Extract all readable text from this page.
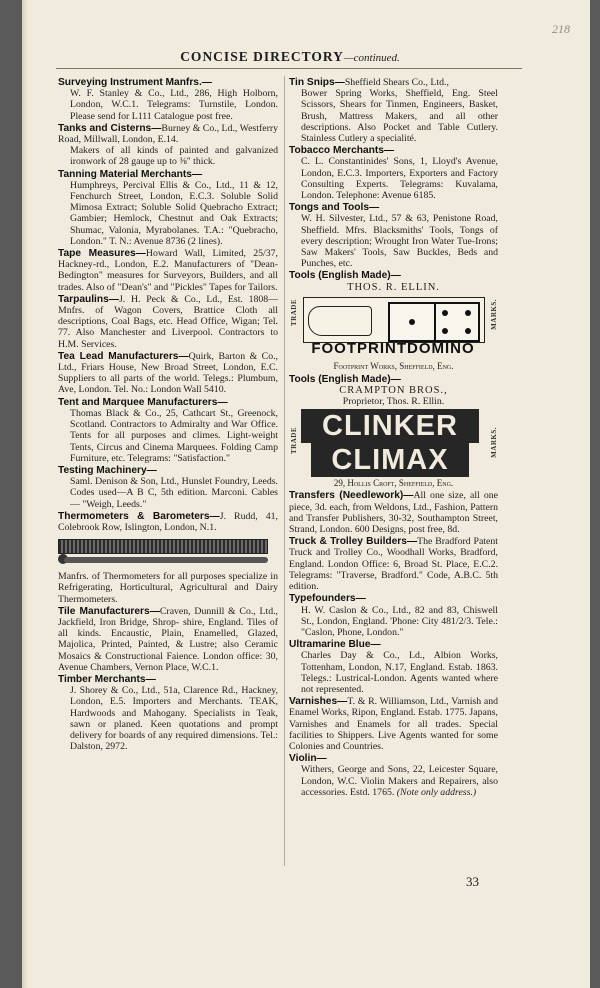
218
CONCISE DIRECTORY—continued.
Surveying Instrument Manfrs.—
W. F. Stanley & Co., Ltd., 286, High Holborn, London, W.C.1. Telegrams: Turnstile, London. Please send for L111 Catalogue post free.
Tanks and Cisterns—Burney & Co., Ld., Westferry Road, Millwall, London, E.14.
Makers of all kinds of painted and galvanized ironwork of 28 gauge up to ⅜" thick.
Tanning Material Merchants—
Humphreys, Percival Ellis & Co., Ltd., 11 & 12, Fenchurch Street, London, E.C.3. Soluble Solid Mimosa Extract; Soluble Solid Quebracho Extract; Gambier; Hemlock, Chestnut and Oak Extracts; Shumac, Valonia, Myrabolanes. T.A.: "Quebracho, London." T. N.: Avenue 8736 (2 lines).
Tape Measures—Howard Wall, Limited, 25/37, Hackney-rd., London, E.2. Manufacturers of "Dean-Bedington" measures for Surveyors, Builders, and all trades. Also of "Dean's" and "Pickles" Tapes for Tailors.
Tarpaulins—J. H. Peck & Co., Ld., Est. 1808—Mnfrs. of Wagon Covers, Brattice Cloth all descriptions, Coal Bags, etc. Head Office, Wigan; Tel. 77. Also Manchester and Liverpool. Contractors to H.M. Services.
Tea Lead Manufacturers—Quirk, Barton & Co., Ltd., Friars House, New Broad Street, London, E.C. Suppliers to all parts of the world. Telegs.: Plumbum, Ave, London. Tel. No.: London Wall 5410.
Tent and Marquee Manufacturers—
Thomas Black & Co., 25, Cathcart St., Greenock, Scotland. Contractors to Admiralty and War Office. Tents for all purposes and climes. Light-weight Tents, Circus and Cinema Marquees. Folding Camp Furniture, etc. Telegrams: "Satisfaction."
Testing Machinery—
Saml. Denison & Son, Ltd., Hunslet Foundry, Leeds. Codes used—A B C, 5th edition. Marconi. Cables — "Weigh, Leeds."
Thermometers & Barometers—J. Rudd, 41, Colebrook Row, Islington, London, N.1.
Manfrs. of Thermometers for all purposes specialize in Refrigerating, Horticultural, Agricultural and Dairy Thermometers.
Tile Manufacturers—Craven, Dunnill & Co., Ltd., Jackfield, Iron Bridge, Shrop- shire, England. Tiles of all kinds. Encaustic, Plain, Enamelled, Glazed, Majolica, Printed, Painted, & Lustre; also Ceramic Mosaics & Constructional Faience. London office: 30, Avenue Chambers, Vernon Place, W.C.1.
Timber Merchants—
J. Shorey & Co., Ltd., 51a, Clarence Rd., Hackney, London, E.5. Importers and Merchants. TEAK, Hardwoods and Mahogany. Specialists in Teak, sawn or planed. Keen quotations and prompt delivery for boards of any required dimensions. Tel.: Dalston, 2972.
Tin Snips—Sheffield Shears Co., Ltd.,
Bower Spring Works, Sheffield, Eng. Steel Scissors, Shears for Tinmen, Engineers, Basket, Brush, Mattress Makers, and all other descriptions. Also Pocket and Table Cutlery. Stainless Cutlery a specialité.
Tobacco Merchants—
C. L. Constantinides' Sons, 1, Lloyd's Avenue, London, E.C.3. Importers, Exporters and Factory Consulting Experts. Telegrams: Kuvalama, London. Telephone: Avenue 6185.
Tongs and Tools—
W. H. Silvester, Ltd., 57 & 63, Penistone Road, Sheffield. Mfrs. Blacksmiths' Tools, Tongs of every description; Wrought Iron Water Tue-Irons; Saw Makers' Tools, Saw Buckles, Beds and Punches, etc.
Tools (English Made)—
THOS. R. ELLIN.
TRADE	MARKS.
FOOTPRINTDOMINO
Footprint Works, Sheffield, Eng.
Tools (English Made)—
CRAMPTON BROS.,
Proprietor, Thos. R. Ellin.
TRADE	MARKS.
CLINKER
CLIMAX
29, Hollis Croft, Sheffield, Eng.
Transfers (Needlework)—All one size, all one piece, 3d. each, from Weldons, Ltd., Fashion, Pattern and Transfer Publishers, 30-32, Southampton Street, Strand, London. 600 Designs, post free, 8d.
Truck & Trolley Builders—The Bradford Patent Truck and Trolley Co., Woodhall Works, Bradford, England. London Office: 6, Broad St. Place, E.C.2. Telegrams: "Traverse, Bradford." Code, A.B.C. 5th edition.
Typefounders—
H. W. Caslon & Co., Ltd., 82 and 83, Chiswell St., London, England. 'Phone: City 481/2/3. Tele.: "Caslon, Phone, London."
Ultramarine Blue—
Charles Day & Co., Ld., Albion Works, Tottenham, London, N.17, England. Estab. 1863. Telegs.: Lustrical-London. Agents wanted where not represented.
Varnishes—T. & R. Williamson, Ltd., Varnish and Enamel Works, Ripon, England. Estab. 1775. Japans, Varnishes and Enamels for all trades. Special facilities to Shippers. Live Agents wanted for some Colonies and Countries.
Violin—
Withers, George and Sons, 22, Leicester Square, London, W.C. Violin Makers and Repairers, also accessories. Estd. 1765. (Note only address.)
33
